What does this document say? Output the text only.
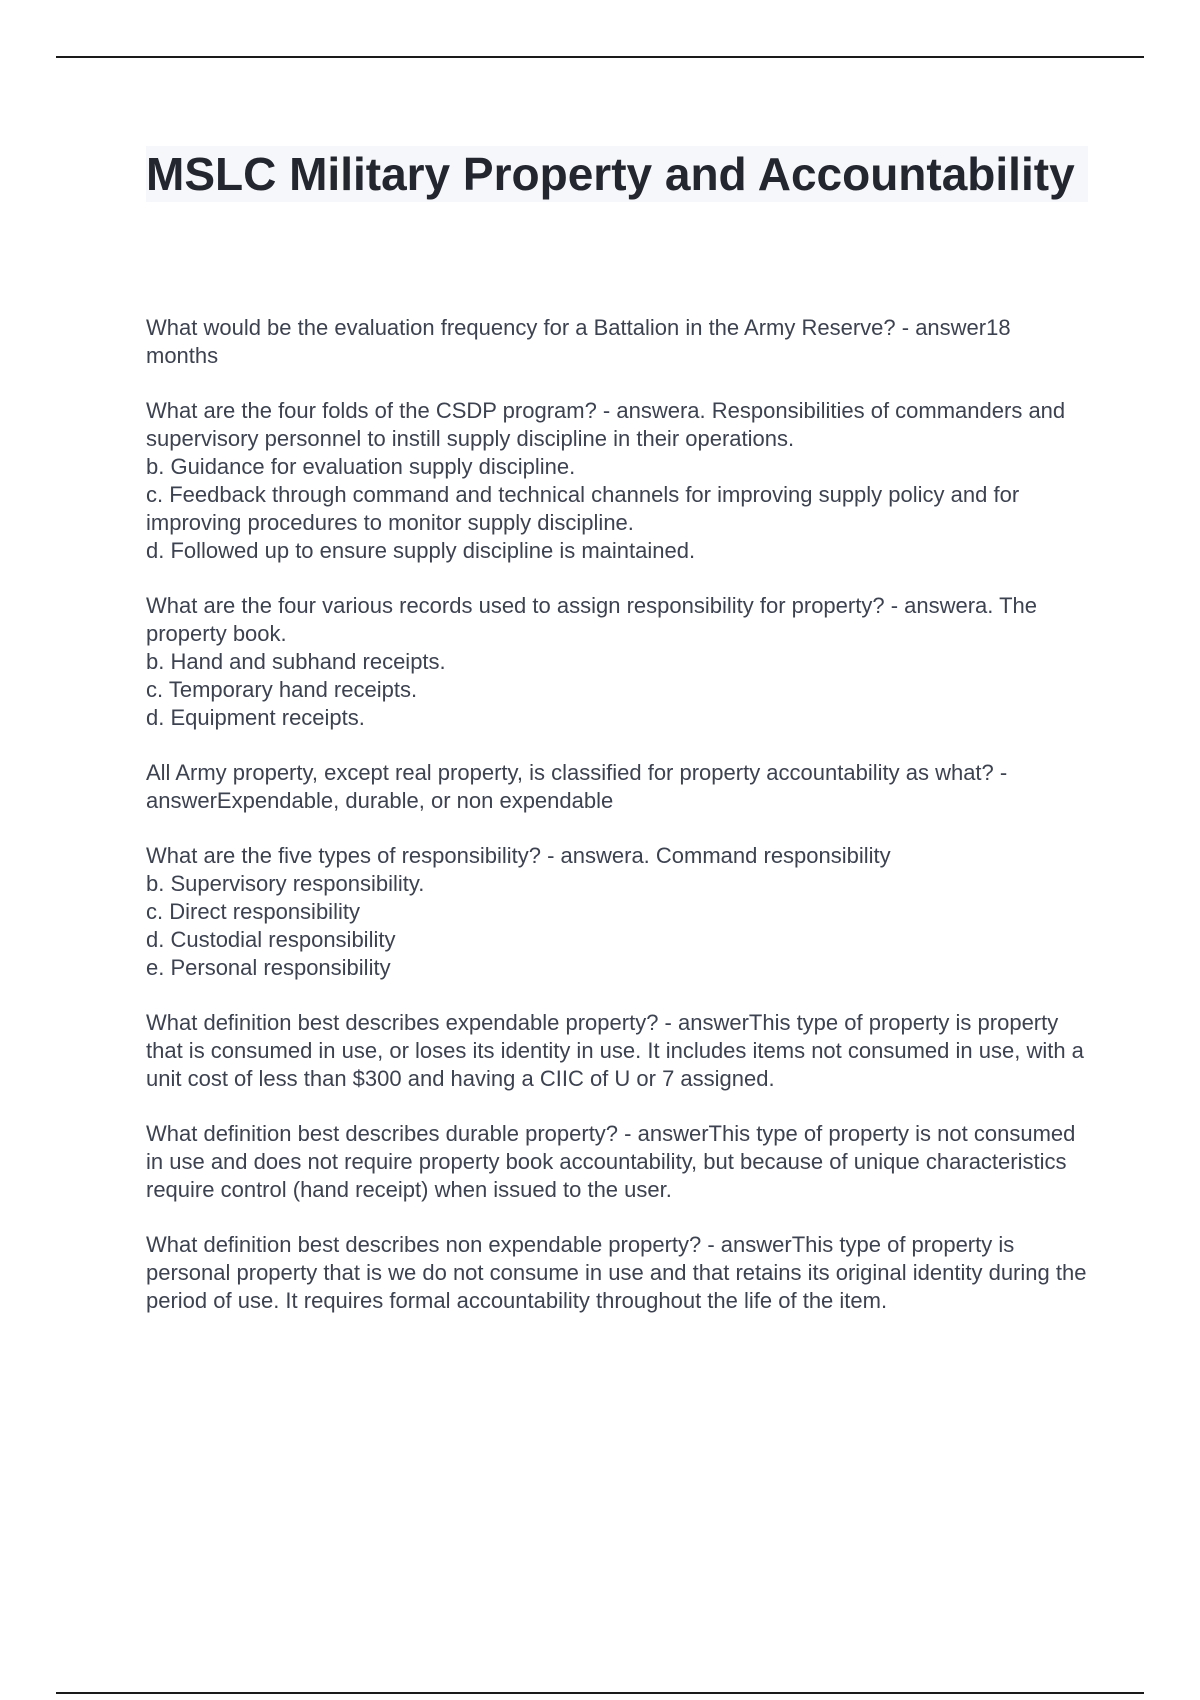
MSLC Military Property and Accountability

What would be the evaluation frequency for a Battalion in the Army Reserve? - answer18 months

What are the four folds of the CSDP program? - answera. Responsibilities of commanders and supervisory personnel to instill supply discipline in their operations.
b. Guidance for evaluation supply discipline.
c. Feedback through command and technical channels for improving supply policy and for improving procedures to monitor supply discipline.
d. Followed up to ensure supply discipline is maintained.

What are the four various records used to assign responsibility for property? - answera. The property book.
b. Hand and subhand receipts.
c. Temporary hand receipts.
d. Equipment receipts.

All Army property, except real property, is classified for property accountability as what? - answerExpendable, durable, or non expendable

What are the five types of responsibility? - answera. Command responsibility
b. Supervisory responsibility.
c. Direct responsibility
d. Custodial responsibility
e. Personal responsibility

What definition best describes expendable property? - answerThis type of property is property that is consumed in use, or loses its identity in use. It includes items not consumed in use, with a unit cost of less than $300 and having a CIIC of U or 7 assigned.

What definition best describes durable property? - answerThis type of property is not consumed in use and does not require property book accountability, but because of unique characteristics require control (hand receipt) when issued to the user.

What definition best describes non expendable property? - answerThis type of property is personal property that is we do not consume in use and that retains its original identity during the period of use. It requires formal accountability throughout the life of the item.
